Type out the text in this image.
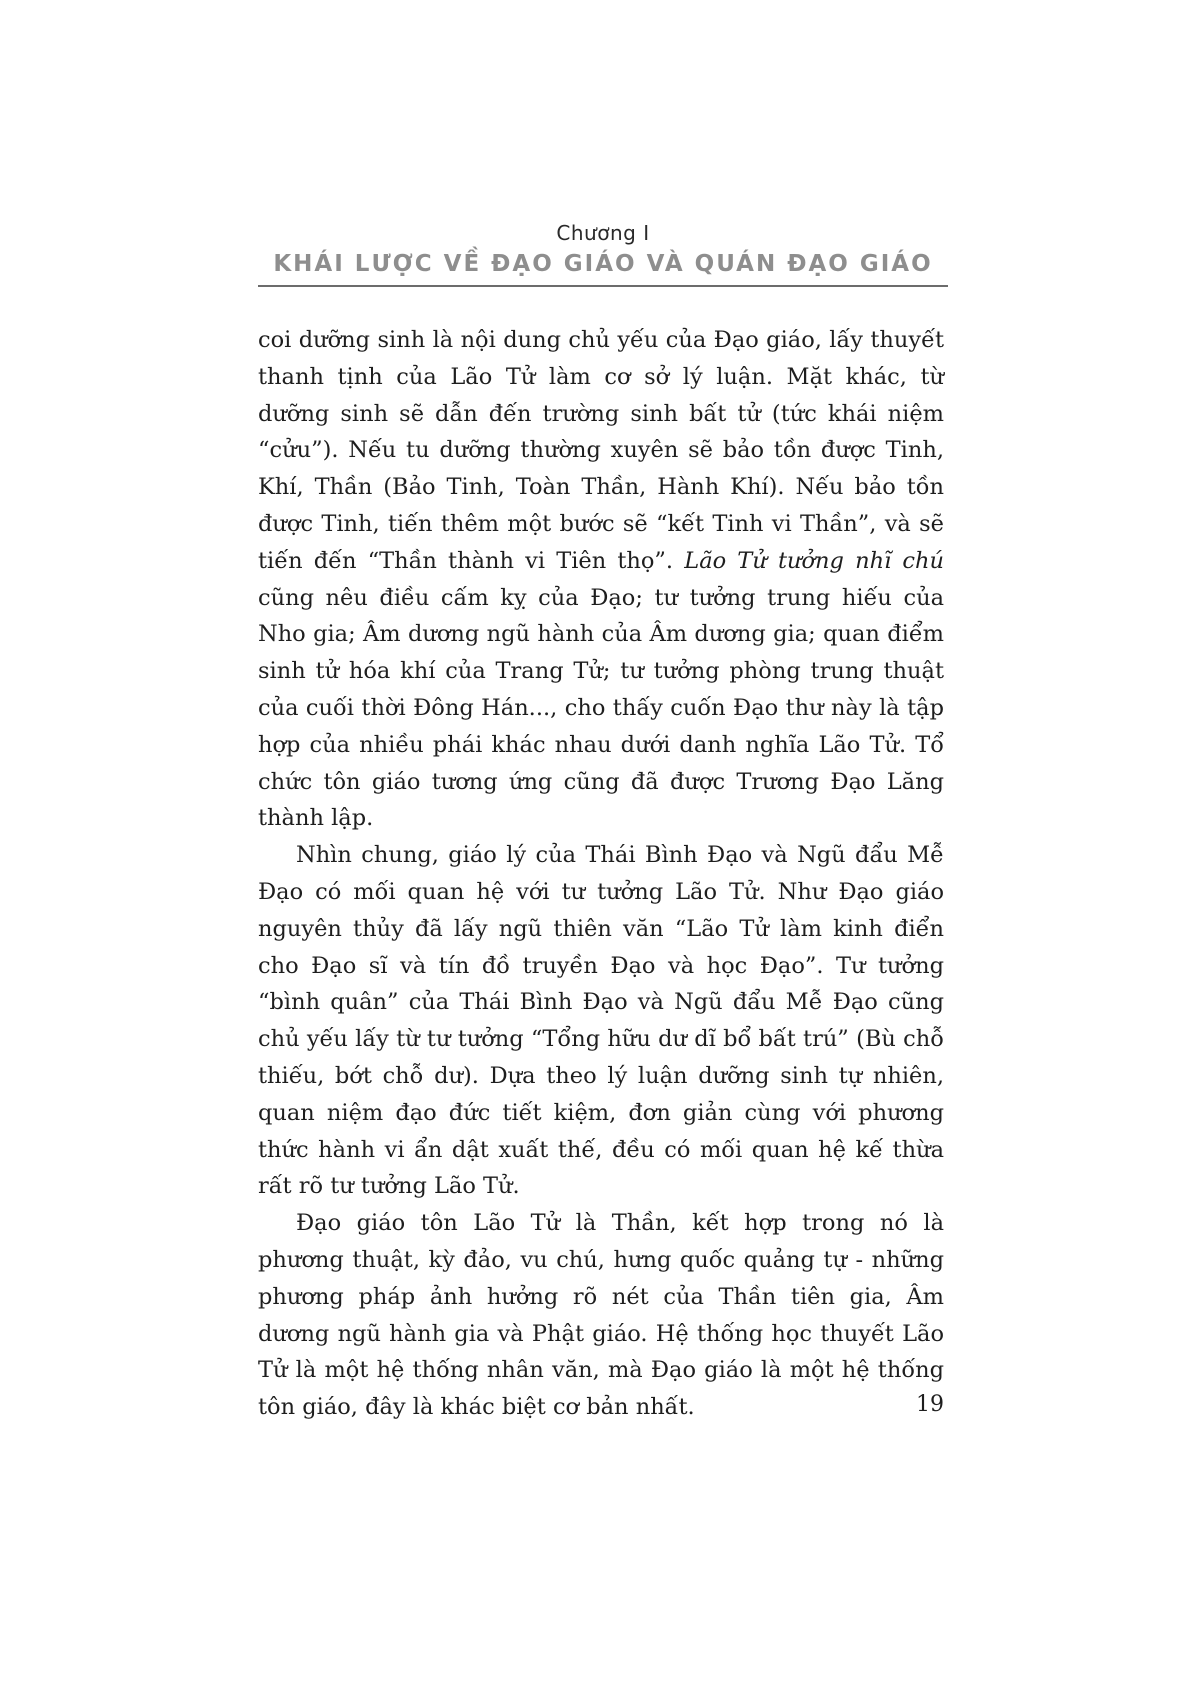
Chương I
KHÁI LƯỢC VỀ ĐẠO GIÁO VÀ QUÁN ĐẠO GIÁO

coi dưỡng sinh là nội dung chủ yếu của Đạo giáo, lấy thuyết thanh tịnh của Lão Tử làm cơ sở lý luận. Mặt khác, từ dưỡng sinh sẽ dẫn đến trường sinh bất tử (tức khái niệm “cửu”). Nếu tu dưỡng thường xuyên sẽ bảo tồn được Tinh, Khí, Thần (Bảo Tinh, Toàn Thần, Hành Khí). Nếu bảo tồn được Tinh, tiến thêm một bước sẽ “kết Tinh vi Thần”, và sẽ tiến đến “Thần thành vi Tiên thọ”. Lão Tử tưởng nhĩ chú cũng nêu điều cấm kỵ của Đạo; tư tưởng trung hiếu của Nho gia; Âm dương ngũ hành của Âm dương gia; quan điểm sinh tử hóa khí của Trang Tử; tư tưởng phòng trung thuật của cuối thời Đông Hán..., cho thấy cuốn Đạo thư này là tập hợp của nhiều phái khác nhau dưới danh nghĩa Lão Tử. Tổ chức tôn giáo tương ứng cũng đã được Trương Đạo Lăng thành lập.

Nhìn chung, giáo lý của Thái Bình Đạo và Ngũ đẩu Mễ Đạo có mối quan hệ với tư tưởng Lão Tử. Như Đạo giáo nguyên thủy đã lấy ngũ thiên văn “Lão Tử làm kinh điển cho Đạo sĩ và tín đồ truyền Đạo và học Đạo”. Tư tưởng “bình quân” của Thái Bình Đạo và Ngũ đẩu Mễ Đạo cũng chủ yếu lấy từ tư tưởng “Tổng hữu dư dĩ bổ bất trú” (Bù chỗ thiếu, bớt chỗ dư). Dựa theo lý luận dưỡng sinh tự nhiên, quan niệm đạo đức tiết kiệm, đơn giản cùng với phương thức hành vi ẩn dật xuất thế, đều có mối quan hệ kế thừa rất rõ tư tưởng Lão Tử.

Đạo giáo tôn Lão Tử là Thần, kết hợp trong nó là phương thuật, kỳ đảo, vu chú, hưng quốc quảng tự - những phương pháp ảnh hưởng rõ nét của Thần tiên gia, Âm dương ngũ hành gia và Phật giáo. Hệ thống học thuyết Lão Tử là một hệ thống nhân văn, mà Đạo giáo là một hệ thống tôn giáo, đây là khác biệt cơ bản nhất.	19
